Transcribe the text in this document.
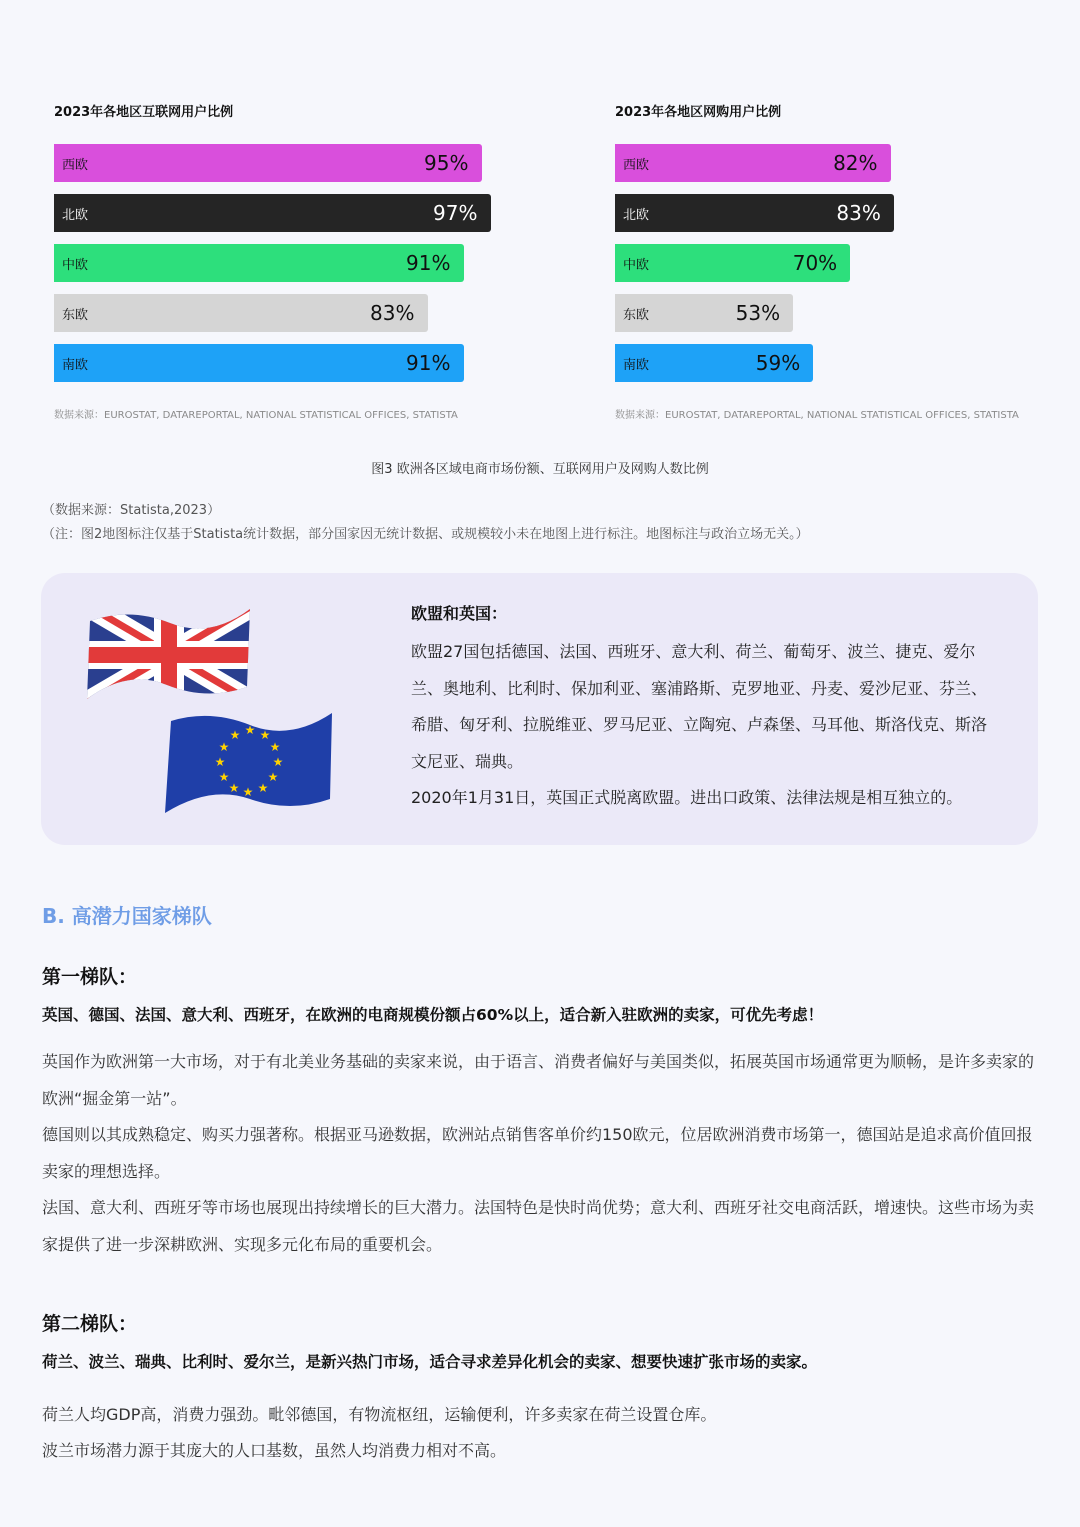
2023年各地区互联网用户比例
西欧	95%
北欧	97%
中欧	91%
东欧	83%
南欧	91%
数据来源：EUROSTAT, DATAREPORTAL, NATIONAL STATISTICAL OFFICES, STATISTA
2023年各地区网购用户比例
西欧	82%
北欧	83%
中欧	70%
东欧	53%
南欧	59%
数据来源：EUROSTAT, DATAREPORTAL, NATIONAL STATISTICAL OFFICES, STATISTA
图3 欧洲各区域电商市场份额、互联网用户及网购人数比例
（数据来源：Statista,2023）
（注：图2地图标注仅基于Statista统计数据，部分国家因无统计数据、或规模较小未在地图上进行标注。地图标注与政治立场无关。）
★ ★
★
★
★
★
★
★
★
★
★
★

欧盟和英国：

欧盟27国包括德国、法国、西班牙、意大利、荷兰、葡萄牙、波兰、捷克、爱尔兰、奥地利、比利时、保加利亚、塞浦路斯、克罗地亚、丹麦、爱沙尼亚、芬兰、希腊、匈牙利、拉脱维亚、罗马尼亚、立陶宛、卢森堡、马耳他、斯洛伐克、斯洛文尼亚、瑞典。

2020年1月31日，英国正式脱离欧盟。进出口政策、法律法规是相互独立的。

B. 高潜力国家梯队
第一梯队：
英国、德国、法国、意大利、西班牙，在欧洲的电商规模份额占60%以上，适合新入驻欧洲的卖家，可优先考虑！

英国作为欧洲第一大市场，对于有北美业务基础的卖家来说，由于语言、消费者偏好与美国类似，拓展英国市场通常更为顺畅，是许多卖家的欧洲“掘金第一站”。

德国则以其成熟稳定、购买力强著称。根据亚马逊数据，欧洲站点销售客单价约150欧元，位居欧洲消费市场第一，德国站是追求高价值回报卖家的理想选择。

法国、意大利、西班牙等市场也展现出持续增长的巨大潜力。法国特色是快时尚优势；意大利、西班牙社交电商活跃，增速快。这些市场为卖家提供了进一步深耕欧洲、实现多元化布局的重要机会。

第二梯队：
荷兰、波兰、瑞典、比利时、爱尔兰，是新兴热门市场，适合寻求差异化机会的卖家、想要快速扩张市场的卖家。

荷兰人均GDP高，消费力强劲。毗邻德国，有物流枢纽，运输便利，许多卖家在荷兰设置仓库。

波兰市场潜力源于其庞大的人口基数，虽然人均消费力相对不高。
